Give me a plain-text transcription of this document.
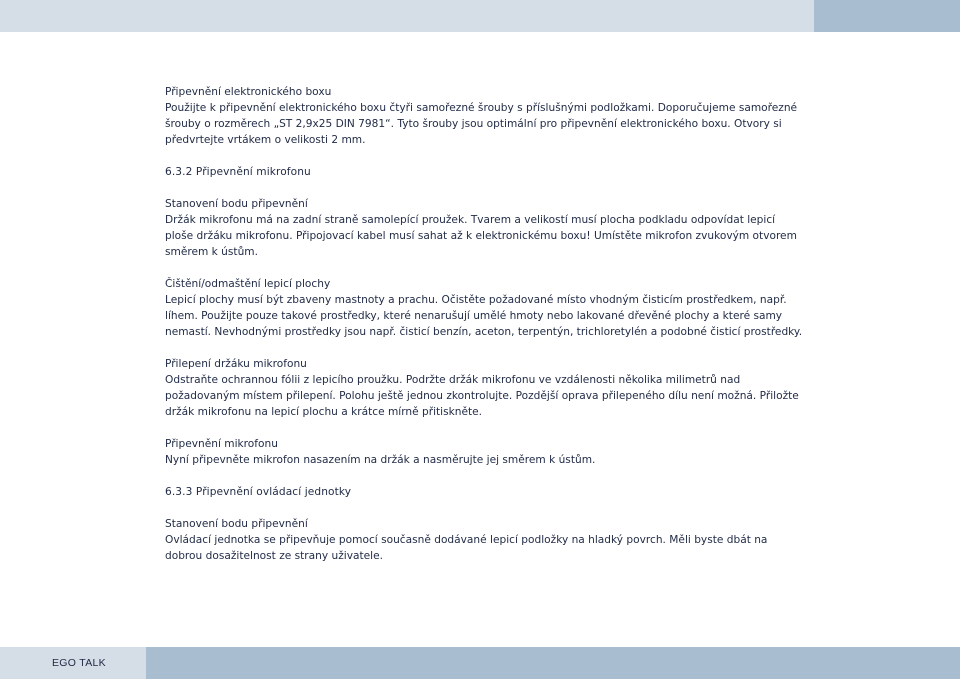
Připevnění elektronického boxu

Použijte k připevnění elektronického boxu čtyři samořezné šrouby s příslušnými podložkami. Doporučujeme samořezné šrouby o rozměrech „ST 2,9x25 DIN 7981“. Tyto šrouby jsou optimální pro připevnění elektronického boxu. Otvory si předvrtejte vrtákem o velikosti 2 mm.

6.3.2 Připevnění mikrofonu

Stanovení bodu připevnění

Držák mikrofonu má na zadní straně samolepící proužek. Tvarem a velikostí musí plocha podkladu odpovídat lepicí ploše držáku mikrofonu. Připojovací kabel musí sahat až k elektronickému boxu! Umístěte mikrofon zvukovým otvorem směrem k ústům.

Čištění/odmaštění lepicí plochy

Lepicí plochy musí být zbaveny mastnoty a prachu. Očistěte požadované místo vhodným čisticím prostředkem, např. líhem. Použijte pouze takové prostředky, které nenarušují umělé hmoty nebo lakované dřevěné plochy a které samy nemastí. Nevhodnými prostředky jsou např. čisticí benzín, aceton, terpentýn, trichloretylén a podobné čisticí prostředky.

Přilepení držáku mikrofonu

Odstraňte ochrannou fólii z lepicího proužku. Podržte držák mikrofonu ve vzdálenosti několika milimetrů nad požadovaným místem přilepení. Polohu ještě jednou zkontrolujte. Pozdější oprava přilepeného dílu není možná. Přiložte držák mikrofonu na lepicí plochu a krátce mírně přitiskněte.

Připevnění mikrofonu

Nyní připevněte mikrofon nasazením na držák a nasměrujte jej směrem k ústům.

6.3.3 Připevnění ovládací jednotky

Stanovení bodu připevnění

Ovládací jednotka se připevňuje pomocí současně dodávané lepicí podložky na hladký povrch. Měli byste dbát na dobrou dosažitelnost ze strany uživatele.

EGO TALK
